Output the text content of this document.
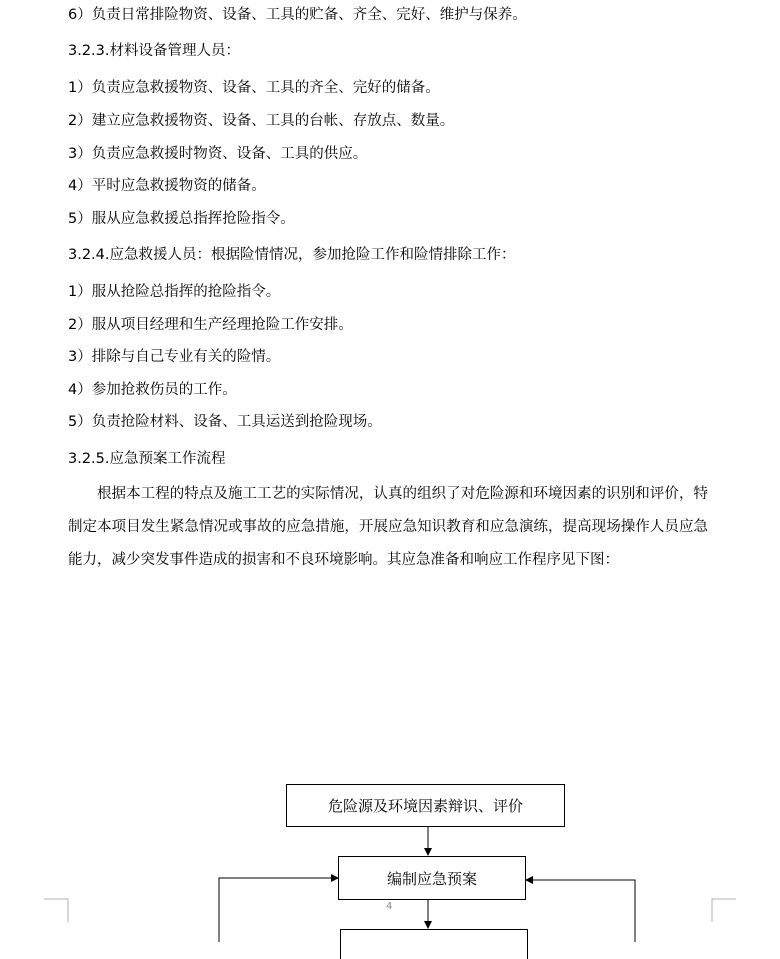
6）负责日常排险物资、设备、工具的贮备、齐全、完好、维护与保养。
3.2.3.材料设备管理人员：
1）负责应急救援物资、设备、工具的齐全、完好的储备。
2）建立应急救援物资、设备、工具的台帐、存放点、数量。
3）负责应急救援时物资、设备、工具的供应。
4）平时应急救援物资的储备。
5）服从应急救援总指挥抢险指令。
3.2.4.应急救援人员：根据险情情况，参加抢险工作和险情排除工作：
1）服从抢险总指挥的抢险指令。
2）服从项目经理和生产经理抢险工作安排。
3）排除与自己专业有关的险情。
4）参加抢救伤员的工作。
5）负责抢险材料、设备、工具运送到抢险现场。
3.2.5.应急预案工作流程
根据本工程的特点及施工工艺的实际情况，认真的组织了对危险源和环境因素的识别和评价，特制定本项目发生紧急情况或事故的应急措施，开展应急知识教育和应急演练，提高现场操作人员应急能力，减少突发事件造成的损害和不良环境影响。其应急准备和响应工作程序见下图：
危险源及环境因素辩识、评价
编制应急预案
4
